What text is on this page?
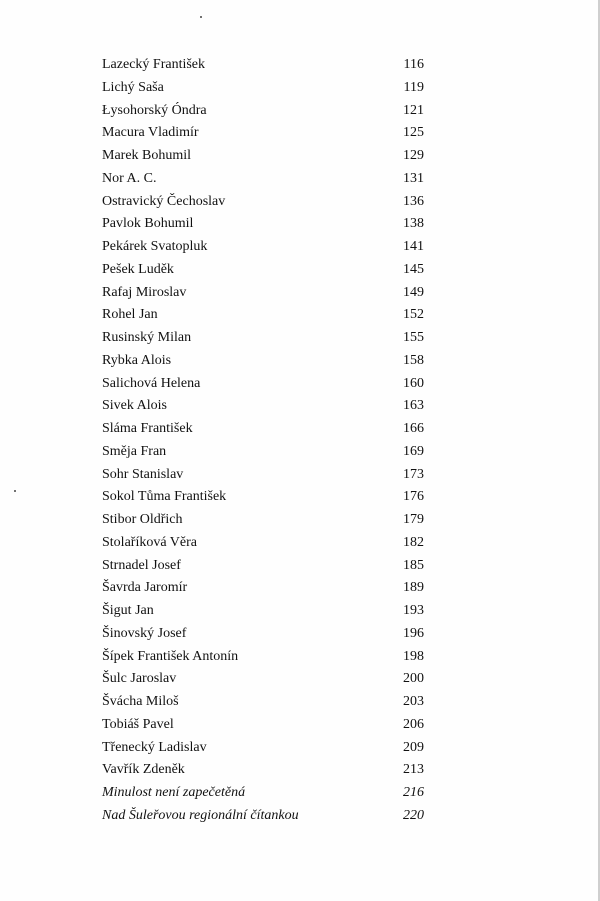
Lazecký František	116
Lichý Saša	119
Łysohorský Óndra	121
Macura Vladimír	125
Marek Bohumil	129
Nor A. C.	131
Ostravický Čechoslav	136
Pavlok Bohumil	138
Pekárek Svatopluk	141
Pešek Luděk	145
Rafaj Miroslav	149
Rohel Jan	152
Rusinský Milan	155
Rybka Alois	158
Salichová Helena	160
Sivek Alois	163
Sláma František	166
Směja Fran	169
Sohr Stanislav	173
Sokol Tůma František	176
Stibor Oldřich	179
Stolaříková Věra	182
Strnadel Josef	185
Šavrda Jaromír	189
Šigut Jan	193
Šinovský Josef	196
Šípek František Antonín	198
Šulc Jaroslav	200
Švácha Miloš	203
Tobiáš Pavel	206
Třenecký Ladislav	209
Vavřík Zdeněk	213
Minulost není zapečetěná	216
Nad Šuleřovou regionální čítankou	220
